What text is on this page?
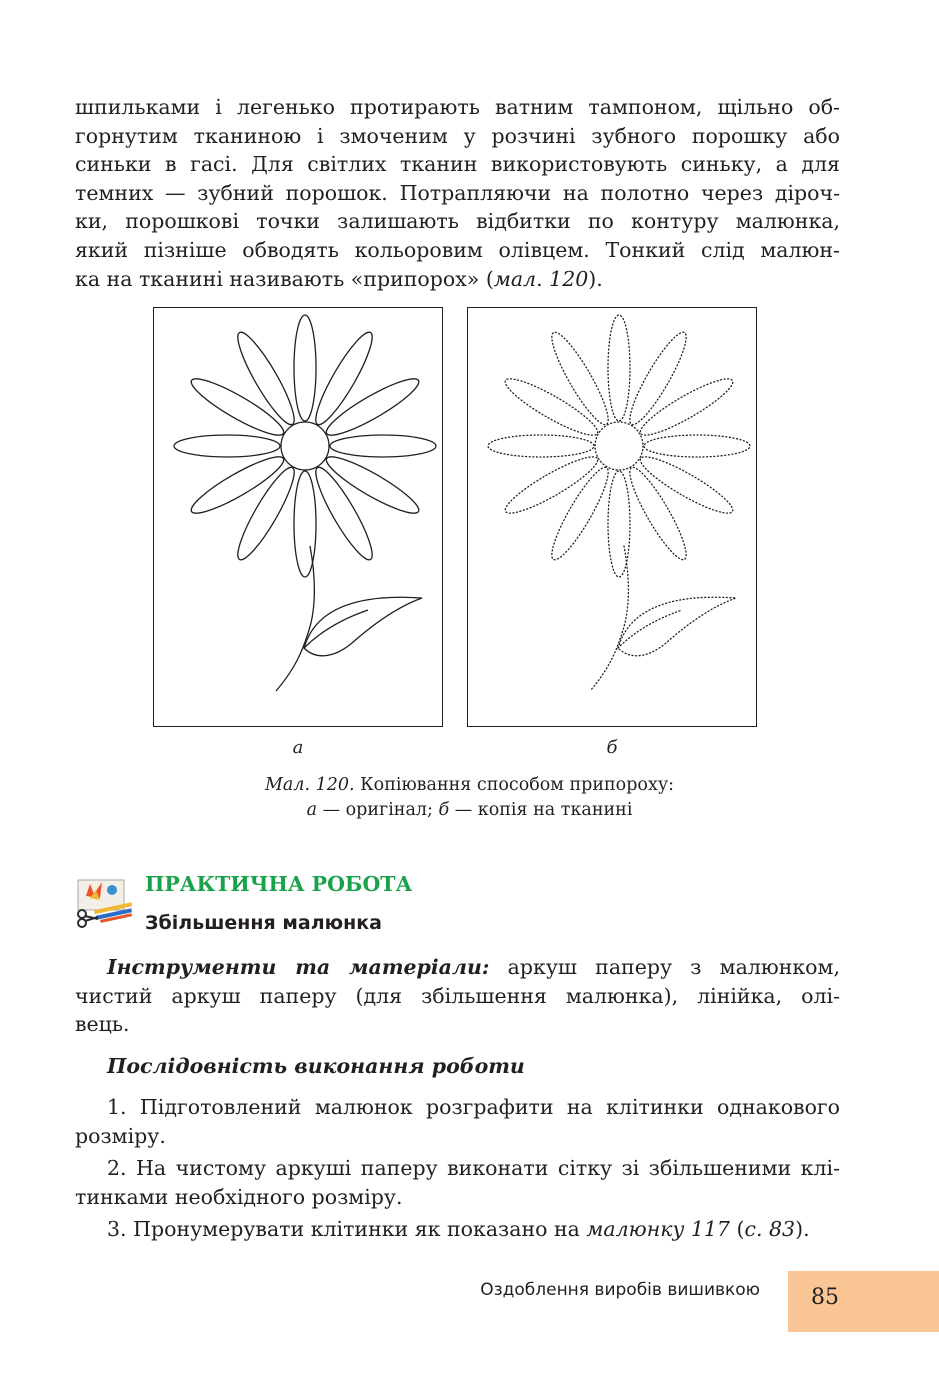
шпильками і легенько протирають ватним тампоном, щільно об-
горнутим тканиною і змоченим у розчині зубного порошку або
синьки в гасі. Для світлих тканин використовують синьку, а для
темних — зубний порошок. Потрапляючи на полотно через діроч-
ки, порошкові точки залишають відбитки по контуру малюнка,
який пізніше обводять кольоровим олівцем. Тонкий слід малюн-
ка на тканині називають «припорох» (мал. 120).
а	б
Мал. 120. Копіювання способом припороху:
а — оригінал; б — копія на тканині
ПРАКТИЧНА РОБОТА
Збільшення малюнка
Інструменти та матеріали: аркуш паперу з малюнком,
чистий аркуш паперу (для збільшення малюнка), лінійка, олі-
вець.
Послідовність виконання роботи
1. Підготовлений малюнок розграфити на клітинки однакового
розміру.
2. На чистому аркуші паперу виконати сітку зі збільшеними клі-
тинками необхідного розміру.
3. Пронумерувати клітинки як показано на малюнку 117 (с. 83).
Оздоблення виробів вишивкою	85
